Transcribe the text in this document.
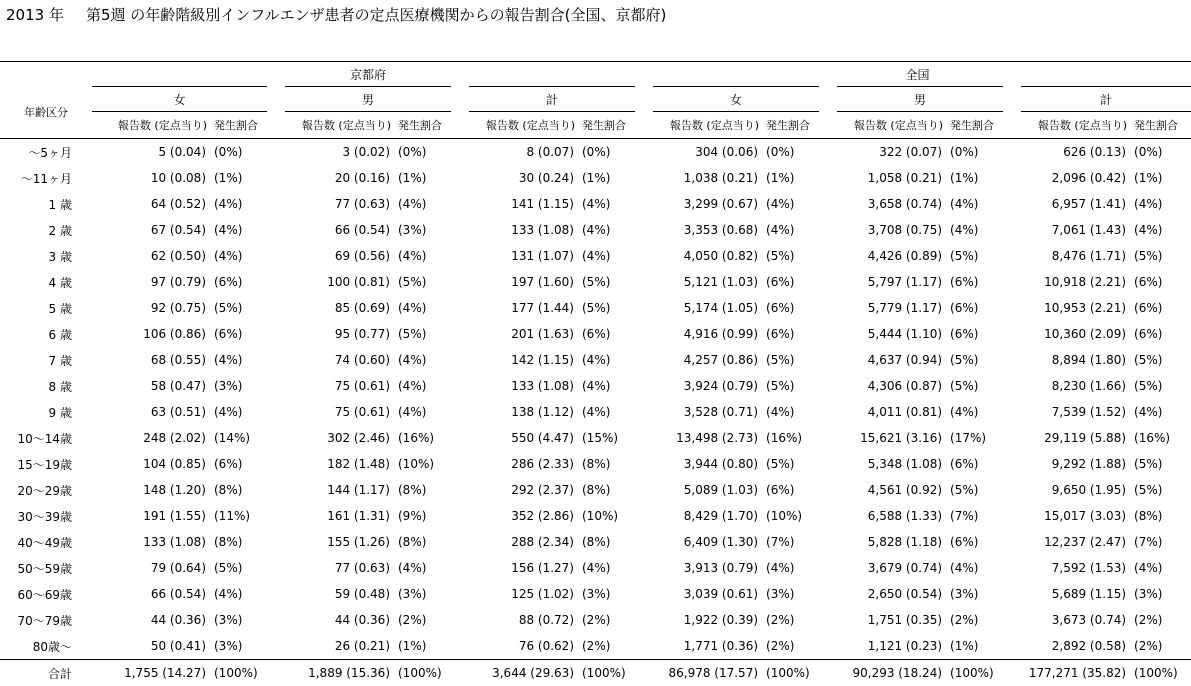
2013 年 第5週 の年齢階級別インフルエンザ患者の定点医療機関からの報告割合(全国、京都府)
	京都府						全国					
年齢区分	女		男		計		女		男		計	
	報告数 (定点当り)	発生割合	報告数 (定点当り)	発生割合	報告数 (定点当り)	発生割合	報告数 (定点当り)	発生割合	報告数 (定点当り)	発生割合	報告数 (定点当り)	発生割合
～5ヶ月	5 (0.04)	(0%)	3 (0.02)	(0%)	8 (0.07)	(0%)	304 (0.06)	(0%)	322 (0.07)	(0%)	626 (0.13)	(0%)
～11ヶ月	10 (0.08)	(1%)	20 (0.16)	(1%)	30 (0.24)	(1%)	1,038 (0.21)	(1%)	1,058 (0.21)	(1%)	2,096 (0.42)	(1%)
1 歳	64 (0.52)	(4%)	77 (0.63)	(4%)	141 (1.15)	(4%)	3,299 (0.67)	(4%)	3,658 (0.74)	(4%)	6,957 (1.41)	(4%)
2 歳	67 (0.54)	(4%)	66 (0.54)	(3%)	133 (1.08)	(4%)	3,353 (0.68)	(4%)	3,708 (0.75)	(4%)	7,061 (1.43)	(4%)
3 歳	62 (0.50)	(4%)	69 (0.56)	(4%)	131 (1.07)	(4%)	4,050 (0.82)	(5%)	4,426 (0.89)	(5%)	8,476 (1.71)	(5%)
4 歳	97 (0.79)	(6%)	100 (0.81)	(5%)	197 (1.60)	(5%)	5,121 (1.03)	(6%)	5,797 (1.17)	(6%)	10,918 (2.21)	(6%)
5 歳	92 (0.75)	(5%)	85 (0.69)	(4%)	177 (1.44)	(5%)	5,174 (1.05)	(6%)	5,779 (1.17)	(6%)	10,953 (2.21)	(6%)
6 歳	106 (0.86)	(6%)	95 (0.77)	(5%)	201 (1.63)	(6%)	4,916 (0.99)	(6%)	5,444 (1.10)	(6%)	10,360 (2.09)	(6%)
7 歳	68 (0.55)	(4%)	74 (0.60)	(4%)	142 (1.15)	(4%)	4,257 (0.86)	(5%)	4,637 (0.94)	(5%)	8,894 (1.80)	(5%)
8 歳	58 (0.47)	(3%)	75 (0.61)	(4%)	133 (1.08)	(4%)	3,924 (0.79)	(5%)	4,306 (0.87)	(5%)	8,230 (1.66)	(5%)
9 歳	63 (0.51)	(4%)	75 (0.61)	(4%)	138 (1.12)	(4%)	3,528 (0.71)	(4%)	4,011 (0.81)	(4%)	7,539 (1.52)	(4%)
10～14歳	248 (2.02)	(14%)	302 (2.46)	(16%)	550 (4.47)	(15%)	13,498 (2.73)	(16%)	15,621 (3.16)	(17%)	29,119 (5.88)	(16%)
15～19歳	104 (0.85)	(6%)	182 (1.48)	(10%)	286 (2.33)	(8%)	3,944 (0.80)	(5%)	5,348 (1.08)	(6%)	9,292 (1.88)	(5%)
20～29歳	148 (1.20)	(8%)	144 (1.17)	(8%)	292 (2.37)	(8%)	5,089 (1.03)	(6%)	4,561 (0.92)	(5%)	9,650 (1.95)	(5%)
30～39歳	191 (1.55)	(11%)	161 (1.31)	(9%)	352 (2.86)	(10%)	8,429 (1.70)	(10%)	6,588 (1.33)	(7%)	15,017 (3.03)	(8%)
40～49歳	133 (1.08)	(8%)	155 (1.26)	(8%)	288 (2.34)	(8%)	6,409 (1.30)	(7%)	5,828 (1.18)	(6%)	12,237 (2.47)	(7%)
50～59歳	79 (0.64)	(5%)	77 (0.63)	(4%)	156 (1.27)	(4%)	3,913 (0.79)	(4%)	3,679 (0.74)	(4%)	7,592 (1.53)	(4%)
60～69歳	66 (0.54)	(4%)	59 (0.48)	(3%)	125 (1.02)	(3%)	3,039 (0.61)	(3%)	2,650 (0.54)	(3%)	5,689 (1.15)	(3%)
70～79歳	44 (0.36)	(3%)	44 (0.36)	(2%)	88 (0.72)	(2%)	1,922 (0.39)	(2%)	1,751 (0.35)	(2%)	3,673 (0.74)	(2%)
80歳～	50 (0.41)	(3%)	26 (0.21)	(1%)	76 (0.62)	(2%)	1,771 (0.36)	(2%)	1,121 (0.23)	(1%)	2,892 (0.58)	(2%)
合計	1,755 (14.27)	(100%)	1,889 (15.36)	(100%)	3,644 (29.63)	(100%)	86,978 (17.57)	(100%)	90,293 (18.24)	(100%)	177,271 (35.82)	(100%)
